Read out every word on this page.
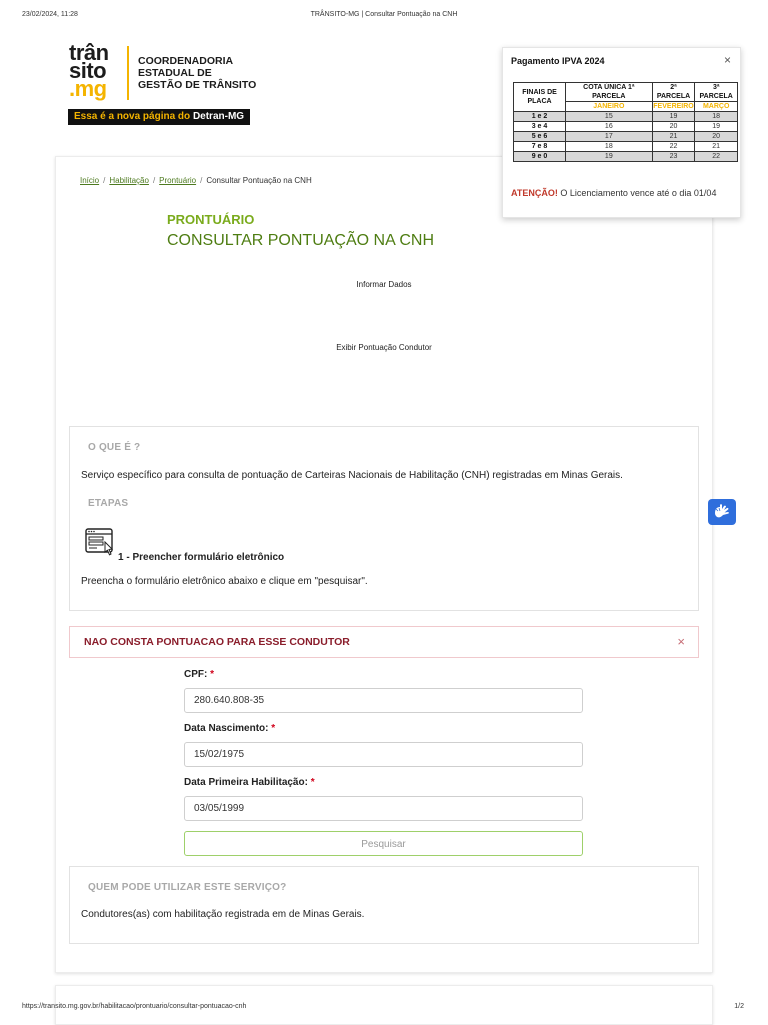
23/02/2024, 11:28	TRÂNSITO-MG | Consultar Pontuação na CNH
trân
sito
.mg
COORDENADORIA
ESTADUAL DE
GESTÃO DE TRÂNSITO
Essa é a nova página do Detran-MG
Início / Habilitação / Prontuário / Consultar Pontuação na CNH
PRONTUÁRIO
CONSULTAR PONTUAÇÃO NA CNH
Informar Dados
Exibir Pontuação Condutor
O QUE É ?
Serviço específico para consulta de pontuação de Carteiras Nacionais de Habilitação (CNH) registradas em Minas Gerais.
ETAPAS
1 - Preencher formulário eletrônico
Preencha o formulário eletrônico abaixo e clique em "pesquisar".
NAO CONSTA PONTUACAO PARA ESSE CONDUTOR	×
CPF: *
280.640.808-35
Data Nascimento: *
15/02/1975
Data Primeira Habilitação: *
03/05/1999
Pesquisar
QUEM PODE UTILIZAR ESTE SERVIÇO?
Condutores(as) com habilitação registrada em de Minas Gerais.
Pagamento IPVA 2024	×
FINAIS DE PLACA	COTA ÚNICA 1ª PARCELA	2ª PARCELA	3ª PARCELA
	JANEIRO	FEVEREIRO	MARÇO
1 e 2	15	19	18
3 e 4	16	20	19
5 e 6	17	21	20
7 e 8	18	22	21
9 e 0	19	23	22
ATENÇÃO! O Licenciamento vence até o dia 01/04
https://transito.mg.gov.br/habilitacao/prontuario/consultar-pontuacao-cnh	1/2
